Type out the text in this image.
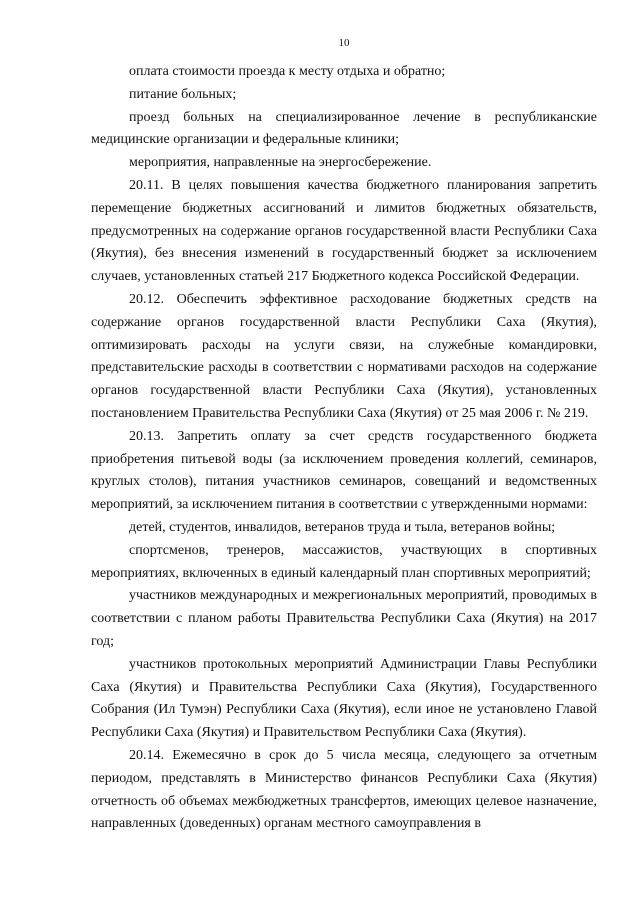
10

оплата стоимости проезда к месту отдыха и обратно;

питание больных;

проезд больных на специализированное лечение в республиканские медицинские организации и федеральные клиники;

мероприятия, направленные на энергосбережение.

20.11. В целях повышения качества бюджетного планирования запретить перемещение бюджетных ассигнований и лимитов бюджетных обязательств, предусмотренных на содержание органов государственной власти Республики Саха (Якутия), без внесения изменений в государственный бюджет за исключением случаев, установленных статьей 217 Бюджетного кодекса Российской Федерации.

20.12. Обеспечить эффективное расходование бюджетных средств на содержание органов государственной власти Республики Саха (Якутия), оптимизировать расходы на услуги связи, на служебные командировки, представительские расходы в соответствии с нормативами расходов на содержание органов государственной власти Республики Саха (Якутия), установленных постановлением Правительства Республики Саха (Якутия) от 25 мая 2006 г. № 219.

20.13. Запретить оплату за счет средств государственного бюджета приобретения питьевой воды (за исключением проведения коллегий, семинаров, круглых столов), питания участников семинаров, совещаний и ведомственных мероприятий, за исключением питания в соответствии с утвержденными нормами:

детей, студентов, инвалидов, ветеранов труда и тыла, ветеранов войны;

спортсменов, тренеров, массажистов, участвующих в спортивных мероприятиях, включенных в единый календарный план спортивных мероприятий;

участников международных и межрегиональных мероприятий, проводимых в соответствии с планом работы Правительства Республики Саха (Якутия) на 2017 год;

участников протокольных мероприятий Администрации Главы Республики Саха (Якутия) и Правительства Республики Саха (Якутия), Государственного Собрания (Ил Тумэн) Республики Саха (Якутия), если иное не установлено Главой Республики Саха (Якутия) и Правительством Республики Саха (Якутия).

20.14. Ежемесячно в срок до 5 числа месяца, следующего за отчетным периодом, представлять в Министерство финансов Республики Саха (Якутия) отчетность об объемах межбюджетных трансфертов, имеющих целевое назначение, направленных (доведенных) органам местного самоуправления в
